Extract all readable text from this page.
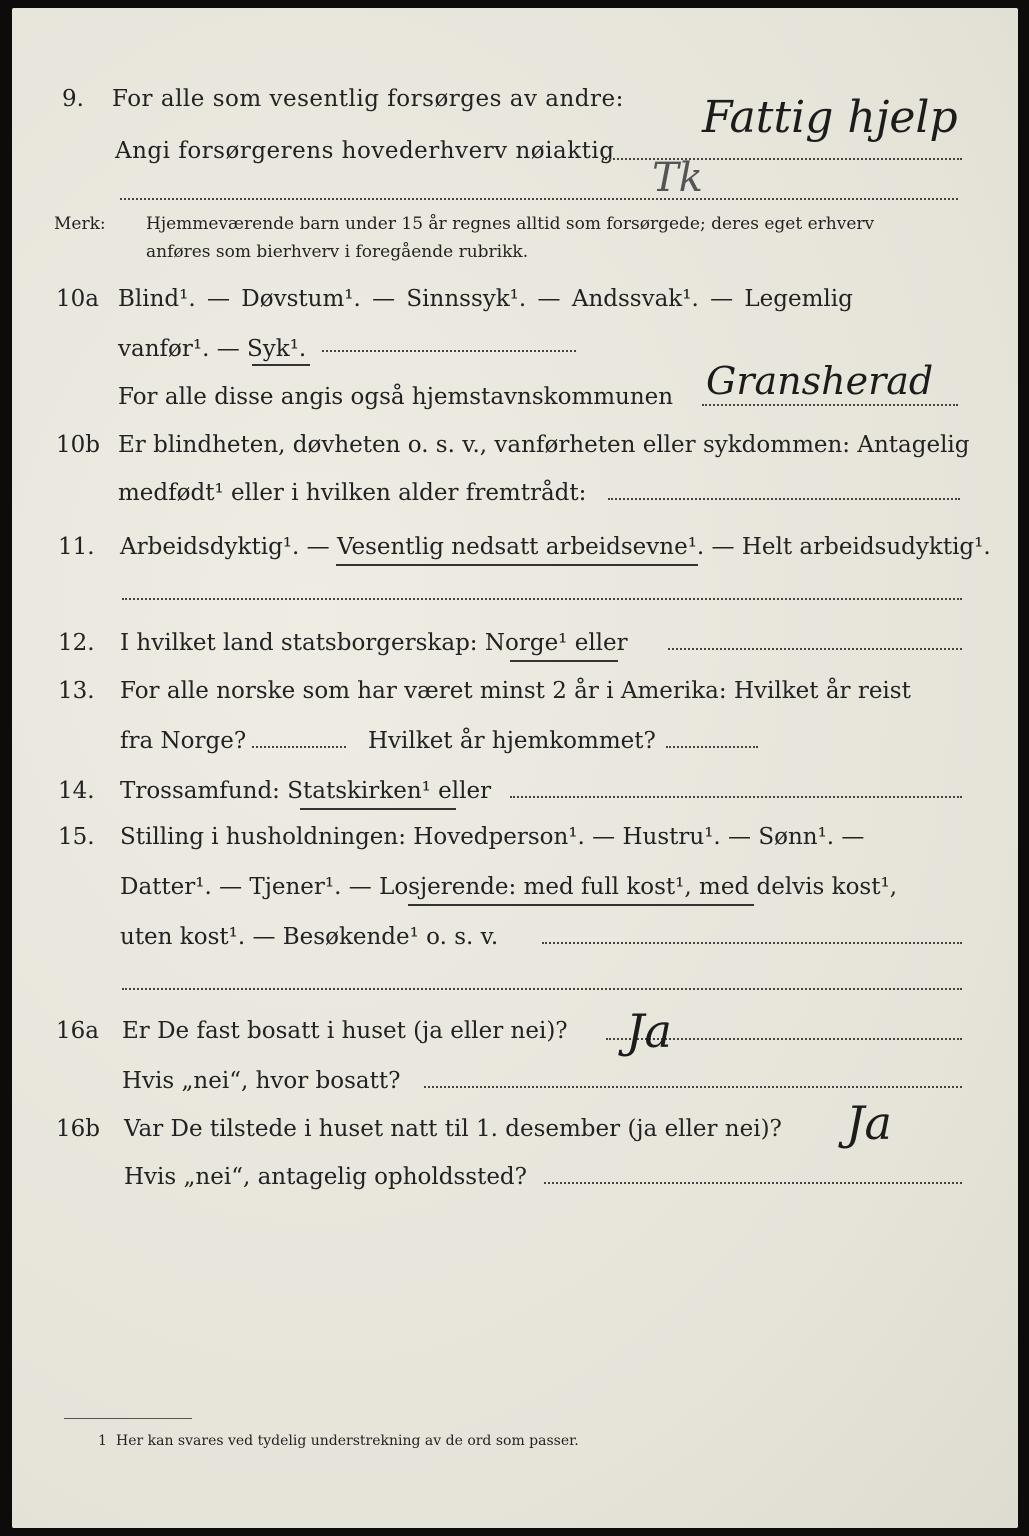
9. For alle som vesentlig forsørges av andre:
Angi forsørgerens hovederhverv nøiaktig
Fattig hjelp
Tk
Merk: Hjemmeværende barn under 15 år regnes alltid som forsørgede; deres eget erhverv
anføres som bierhverv i foregående rubrikk.
10a Blind¹. — Døvstum¹. — Sinnssyk¹. — Andssvak¹. — Legemlig
vanfør¹. — Syk¹.
For alle disse angis også hjemstavnskommunen Gransherad
10b Er blindheten, døvheten o. s. v., vanførheten eller sykdommen: Antagelig
medfødt¹ eller i hvilken alder fremtrådt:
11. Arbeidsdyktig¹. — Vesentlig nedsatt arbeidsevne¹. — Helt arbeidsudyktig¹.
12. I hvilket land statsborgerskap: Norge¹ eller
13. For alle norske som har været minst 2 år i Amerika: Hvilket år reist
fra Norge?	Hvilket år hjemkommet?
14. Trossamfund: Statskirken¹ eller
15. Stilling i husholdningen: Hovedperson¹. — Hustru¹. — Sønn¹. —
Datter¹. — Tjener¹. — Losjerende: med full kost¹, med delvis kost¹,
uten kost¹. — Besøkende¹ o. s. v.
16a Er De fast bosatt i huset (ja eller nei)? Ja
Hvis „nei“, hvor bosatt?
16b Var De tilstede i huset natt til 1. desember (ja eller nei)? Ja
Hvis „nei“, antagelig opholdssted?
1 Her kan svares ved tydelig understrekning av de ord som passer.
